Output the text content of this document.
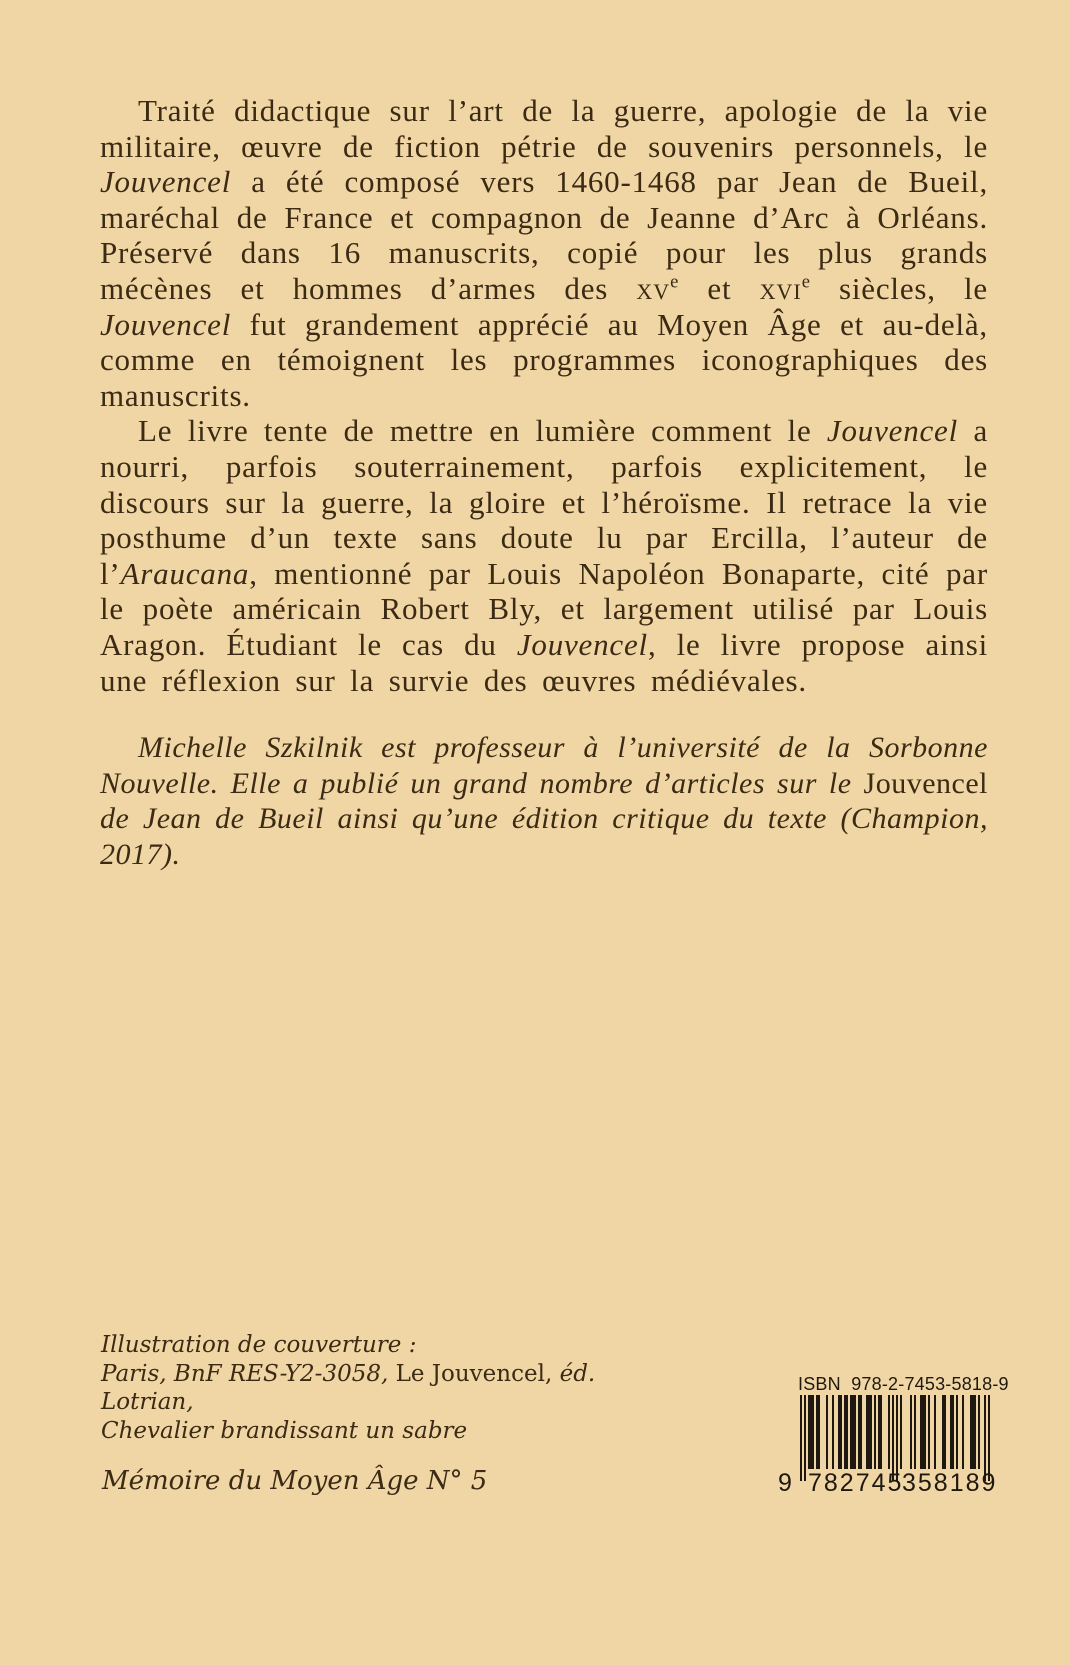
Traité didactique sur l’art de la guerre, apologie de la vie militaire, œuvre de fiction pétrie de souvenirs personnels, le Jouvencel a été composé vers 1460-1468 par Jean de Bueil, maréchal de France et compagnon de Jeanne d’Arc à Orléans. Préservé dans 16 manuscrits, copié pour les plus grands mécènes et hommes d’armes des $xv^e$ et xvi$^e$ siècles, le Jouvencel fut grandement apprécié au Moyen Âge et au-delà, comme en témoignent les programmes iconographiques des manuscrits.

Le livre tente de mettre en lumière comment le Jouvencel a nourri, parfois souterrainement, parfois explicitement, le discours sur la guerre, la gloire et l’héroïsme. Il retrace la vie posthume d’un texte sans doute lu par Ercilla, l’auteur de l’Araucana, mentionné par Louis Napoléon Bonaparte, cité par le poète américain Robert Bly, et largement utilisé par Louis Aragon. Étudiant le cas du Jouvencel, le livre propose ainsi une réflexion sur la survie des œuvres médiévales.

Michelle Szkilnik est professeur à l’université de la Sorbonne Nouvelle. Elle a publié un grand nombre d’articles sur le Jouvencel de Jean de Bueil ainsi qu’une édition critique du texte (Champion, 2017).

Illustration de couverture :
Paris, BnF RES-Y2-3058, Le Jouvencel, éd. Lotrian,
Chevalier brandissant un sabre
Mémoire du Moyen Âge N° 5
ISBN  978-2-7453-5818-9
9 782745
358189
